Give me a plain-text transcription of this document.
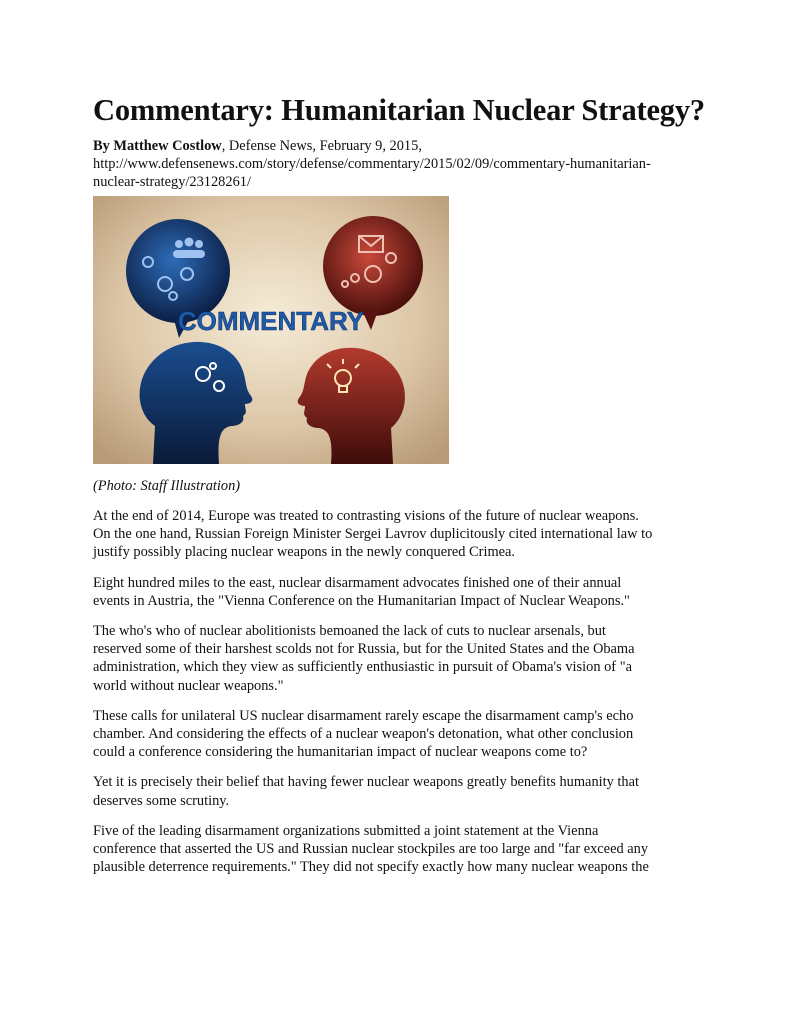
Commentary: Humanitarian Nuclear Strategy?
By Matthew Costlow, Defense News, February 9, 2015,
http://www.defensenews.com/story/defense/commentary/2015/02/09/commentary-humanitarian-
nuclear-strategy/23128261/
COMMENTARY
(Photo: Staff Illustration)
At the end of 2014, Europe was treated to contrasting visions of the future of nuclear weapons.
On the one hand, Russian Foreign Minister Sergei Lavrov duplicitously cited international law to
justify possibly placing nuclear weapons in the newly conquered Crimea.
Eight hundred miles to the east, nuclear disarmament advocates finished one of their annual
events in Austria, the "Vienna Conference on the Humanitarian Impact of Nuclear Weapons."
The who's who of nuclear abolitionists bemoaned the lack of cuts to nuclear arsenals, but
reserved some of their harshest scolds not for Russia, but for the United States and the Obama
administration, which they view as sufficiently enthusiastic in pursuit of Obama's vision of "a
world without nuclear weapons."
These calls for unilateral US nuclear disarmament rarely escape the disarmament camp's echo
chamber. And considering the effects of a nuclear weapon's detonation, what other conclusion
could a conference considering the humanitarian impact of nuclear weapons come to?
Yet it is precisely their belief that having fewer nuclear weapons greatly benefits humanity that
deserves some scrutiny.
Five of the leading disarmament organizations submitted a joint statement at the Vienna
conference that asserted the US and Russian nuclear stockpiles are too large and "far exceed any
plausible deterrence requirements." They did not specify exactly how many nuclear weapons the
